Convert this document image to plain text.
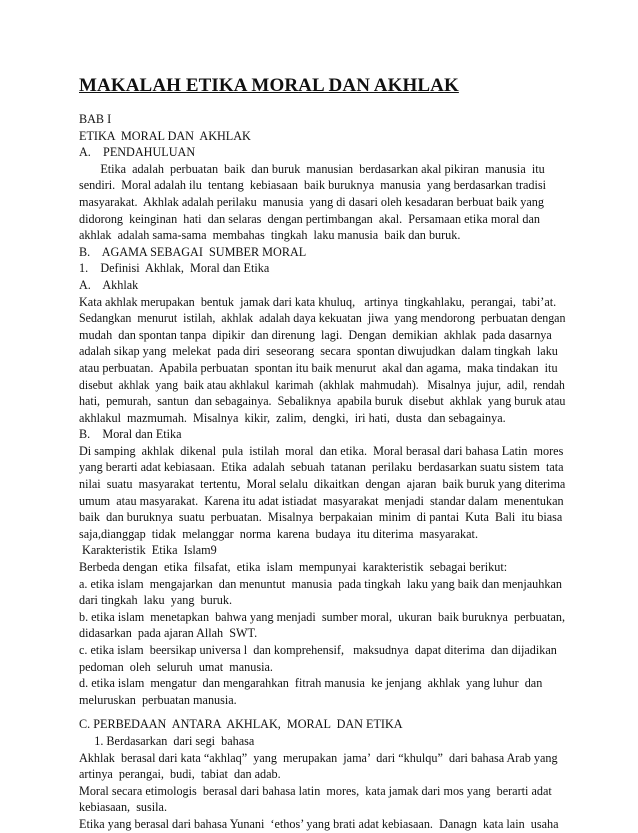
MAKALAH ETIKA MORAL DAN AKHLAK
BAB I
ETIKA  MORAL DAN  AKHLAK
A.    PENDAHULUAN
Etika  adalah  perbuatan  baik  dan buruk  manusian  berdasarkan akal pikiran  manusia  itu
sendiri.  Moral adalah ilu  tentang  kebiasaan  baik buruknya  manusia  yang berdasarkan tradisi
masyarakat.  Akhlak adalah perilaku  manusia  yang di dasari oleh kesadaran berbuat baik yang
didorong  keinginan  hati  dan selaras  dengan pertimbangan  akal.  Persamaan etika moral dan
akhlak  adalah sama-sama  membahas  tingkah  laku manusia  baik dan buruk.
B.    AGAMA SEBAGAI  SUMBER MORAL
1.    Definisi  Akhlak,  Moral dan Etika
A.    Akhlak
Kata akhlak merupakan  bentuk  jamak dari kata khuluq,   artinya  tingkahlaku,  perangai,  tabi’at.
Sedangkan  menurut  istilah,  akhlak  adalah daya kekuatan  jiwa  yang mendorong  perbuatan dengan
mudah  dan spontan tanpa  dipikir  dan direnung  lagi.  Dengan  demikian  akhlak  pada dasarnya
adalah sikap yang  melekat  pada diri  seseorang  secara  spontan diwujudkan  dalam tingkah  laku
atau perbuatan.  Apabila perbuatan  spontan itu baik menurut  akal dan agama,  maka tindakan  itu
disebut  akhlak  yang  baik atau akhlakul  karimah  (akhlak  mahmudah).   Misalnya  jujur,  adil,  rendah
hati,  pemurah,  santun  dan sebagainya.  Sebaliknya  apabila buruk  disebut  akhlak  yang buruk atau
akhlakul  mazmumah.  Misalnya  kikir,  zalim,  dengki,  iri hati,  dusta  dan sebagainya.
B.    Moral dan Etika
Di samping  akhlak  dikenal  pula  istilah  moral  dan etika.  Moral berasal dari bahasa Latin  mores
yang berarti adat kebiasaan.  Etika  adalah  sebuah  tatanan  perilaku  berdasarkan suatu sistem  tata
nilai  suatu  masyarakat  tertentu,  Moral selalu  dikaitkan  dengan  ajaran  baik buruk yang diterima
umum  atau masyarakat.  Karena itu adat istiadat  masyarakat  menjadi  standar dalam  menentukan
baik  dan buruknya  suatu  perbuatan.  Misalnya  berpakaian  minim  di pantai  Kuta  Bali  itu biasa
saja,dianggap  tidak  melanggar  norma  karena  budaya  itu diterima  masyarakat.
Karakteristik  Etika  Islam9
Berbeda dengan  etika  filsafat,  etika  islam  mempunyai  karakteristik  sebagai berikut:
a. etika islam  mengajarkan  dan menuntut  manusia  pada tingkah  laku yang baik dan menjauhkan
dari tingkah  laku  yang  buruk.
b. etika islam  menetapkan  bahwa yang menjadi  sumber moral,  ukuran  baik buruknya  perbuatan,
didasarkan  pada ajaran Allah  SWT.
c. etika islam  beersikap universa l  dan komprehensif,   maksudnya  dapat diterima  dan dijadikan
pedoman  oleh  seluruh  umat  manusia.
d. etika islam  mengatur  dan mengarahkan  fitrah manusia  ke jenjang  akhlak  yang luhur  dan
meluruskan  perbuatan manusia.
C. PERBEDAAN  ANTARA  AKHLAK,  MORAL  DAN ETIKA
1. Berdasarkan  dari segi  bahasa
Akhlak  berasal dari kata “akhlaq”  yang  merupakan  jama’  dari “khulqu”  dari bahasa Arab yang
artinya  perangai,  budi,  tabiat  dan adab.
Moral secara etimologis  berasal dari bahasa latin  mores,  kata jamak dari mos yang  berarti adat
kebiasaan,  susila.
Etika yang berasal dari bahasa Yunani  ‘ethos’ yang brati adat kebiasaan.  Danagn  kata lain  usaha
